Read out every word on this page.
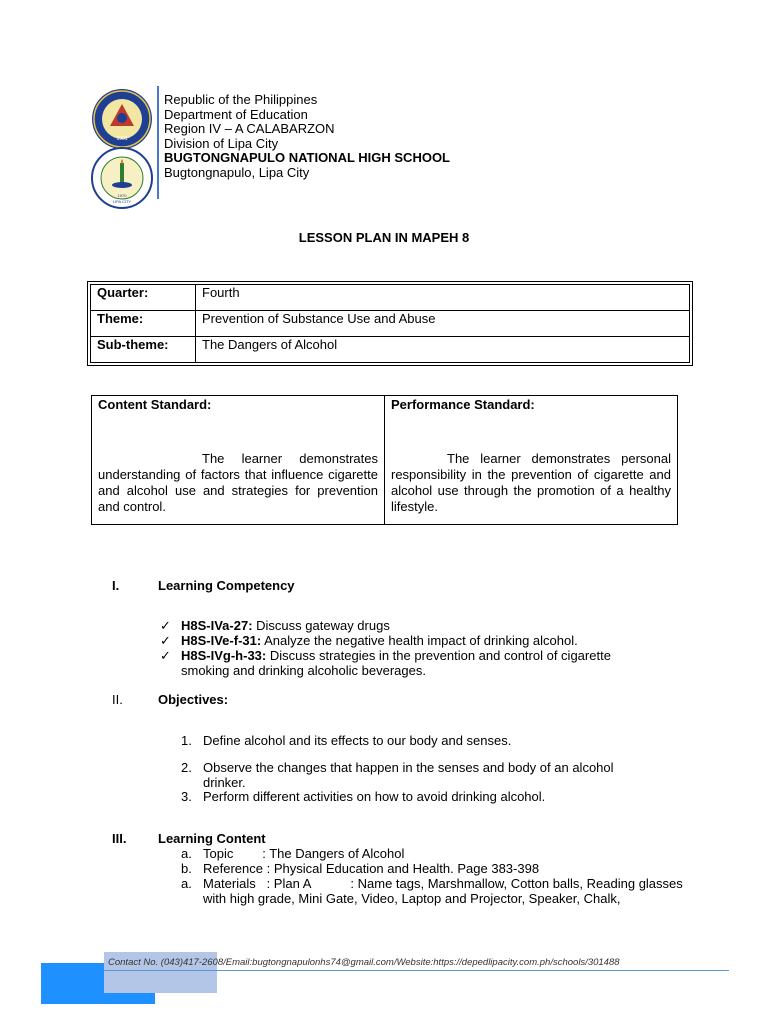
1901
1970
LIPA CITY
Republic of the Philippines
Department of Education
Region IV – A CALABARZON
Division of Lipa City
BUGTONGNAPULO NATIONAL HIGH SCHOOL
Bugtongnapulo, Lipa City
LESSON PLAN IN MAPEH 8
Quarter:	Fourth
Theme:	Prevention of Substance Use and Abuse
Sub-theme:	The Dangers of Alcohol
Content Standard:
The learner demonstrates understanding of factors that influence cigarette and alcohol use and strategies for prevention and control.

Performance Standard:
The learner demonstrates personal responsibility in the prevention of cigarette and alcohol use through the promotion of a healthy lifestyle.
I.	Learning Competency
✓ H8S-IVa-27: Discuss gateway drugs
✓ H8S-IVe-f-31: Analyze the negative health impact of drinking alcohol.
✓ H8S-IVg-h-33: Discuss strategies in the prevention and control of cigarette smoking and drinking alcoholic beverages.
II.	Objectives:
1. Define alcohol and its effects to our body and senses.
2. Observe the changes that happen in the senses and body of an alcohol drinker.
3. Perform different activities on how to avoid drinking alcohol.
III. Learning Content
a. Topic        : The Dangers of Alcohol
b. Reference : Physical Education and Health. Page 383-398
a. Materials   : Plan A           : Name tags, Marshmallow, Cotton balls, Reading glasses with high grade, Mini Gate, Video, Laptop and Projector, Speaker, Chalk,
Contact No. (043)417-2608/Email:bugtongnapulonhs74@gmail.com/Website:https://depedlipacity.com.ph/schools/301488
